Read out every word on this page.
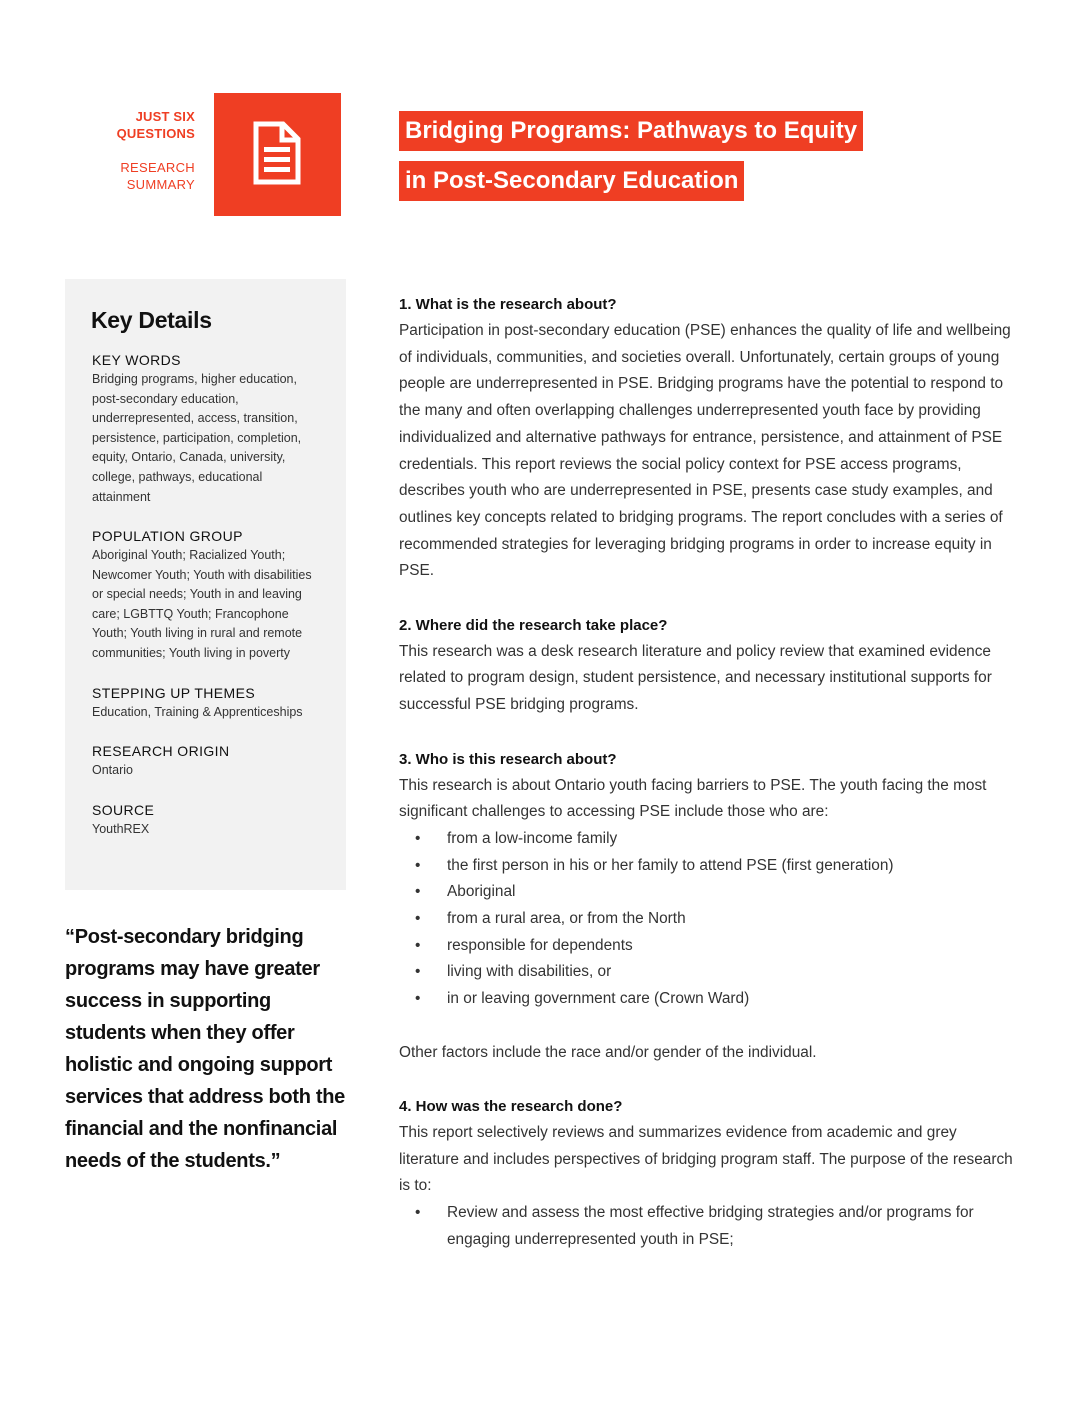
JUST SIX
QUESTIONS
RESEARCH
SUMMARY
Bridging Programs: Pathways to Equity
in Post-Secondary Education
Key Details
KEY WORDS
Bridging programs, higher education, post-secondary education, underrepresented, access, transition, persistence, participation, completion, equity, Ontario, Canada, university, college, pathways, educational attainment
POPULATION GROUP
Aboriginal Youth; Racialized Youth; Newcomer Youth; Youth with disabilities or special needs; Youth in and leaving care; LGBTTQ Youth; Francophone Youth; Youth living in rural and remote communities; Youth living in poverty
STEPPING UP THEMES
Education, Training & Apprenticeships
RESEARCH ORIGIN
Ontario
SOURCE
YouthREX
“Post-secondary bridging programs may have greater success in supporting students when they offer holistic and ongoing support services that address both the financial and the nonfinancial needs of the students.”
1. What is the research about?
Participation in post-secondary education (PSE) enhances the quality of life and wellbeing of individuals, communities, and societies overall. Unfortunately, certain groups of young people are underrepresented in PSE. Bridging programs have the potential to respond to the many and often overlapping challenges underrepresented youth face by providing individualized and alternative pathways for entrance, persistence, and attainment of PSE credentials. This report reviews the social policy context for PSE access programs, describes youth who are underrepresented in PSE, presents case study examples, and outlines key concepts related to bridging programs. The report concludes with a series of recommended strategies for leveraging bridging programs in order to increase equity in PSE.
2. Where did the research take place?
This research was a desk research literature and policy review that examined evidence related to program design, student persistence, and necessary institutional supports for successful PSE bridging programs.
3. Who is this research about?
This research is about Ontario youth facing barriers to PSE. The youth facing the most significant challenges to accessing PSE include those who are:
• from a low-income family
• the first person in his or her family to attend PSE (first generation)
• Aboriginal
• from a rural area, or from the North
• responsible for dependents
• living with disabilities, or
• in or leaving government care (Crown Ward)
Other factors include the race and/or gender of the individual.
4. How was the research done?
This report selectively reviews and summarizes evidence from academic and grey literature and includes perspectives of bridging program staff. The purpose of the research is to:
• Review and assess the most effective bridging strategies and/or programs for engaging underrepresented youth in PSE;
